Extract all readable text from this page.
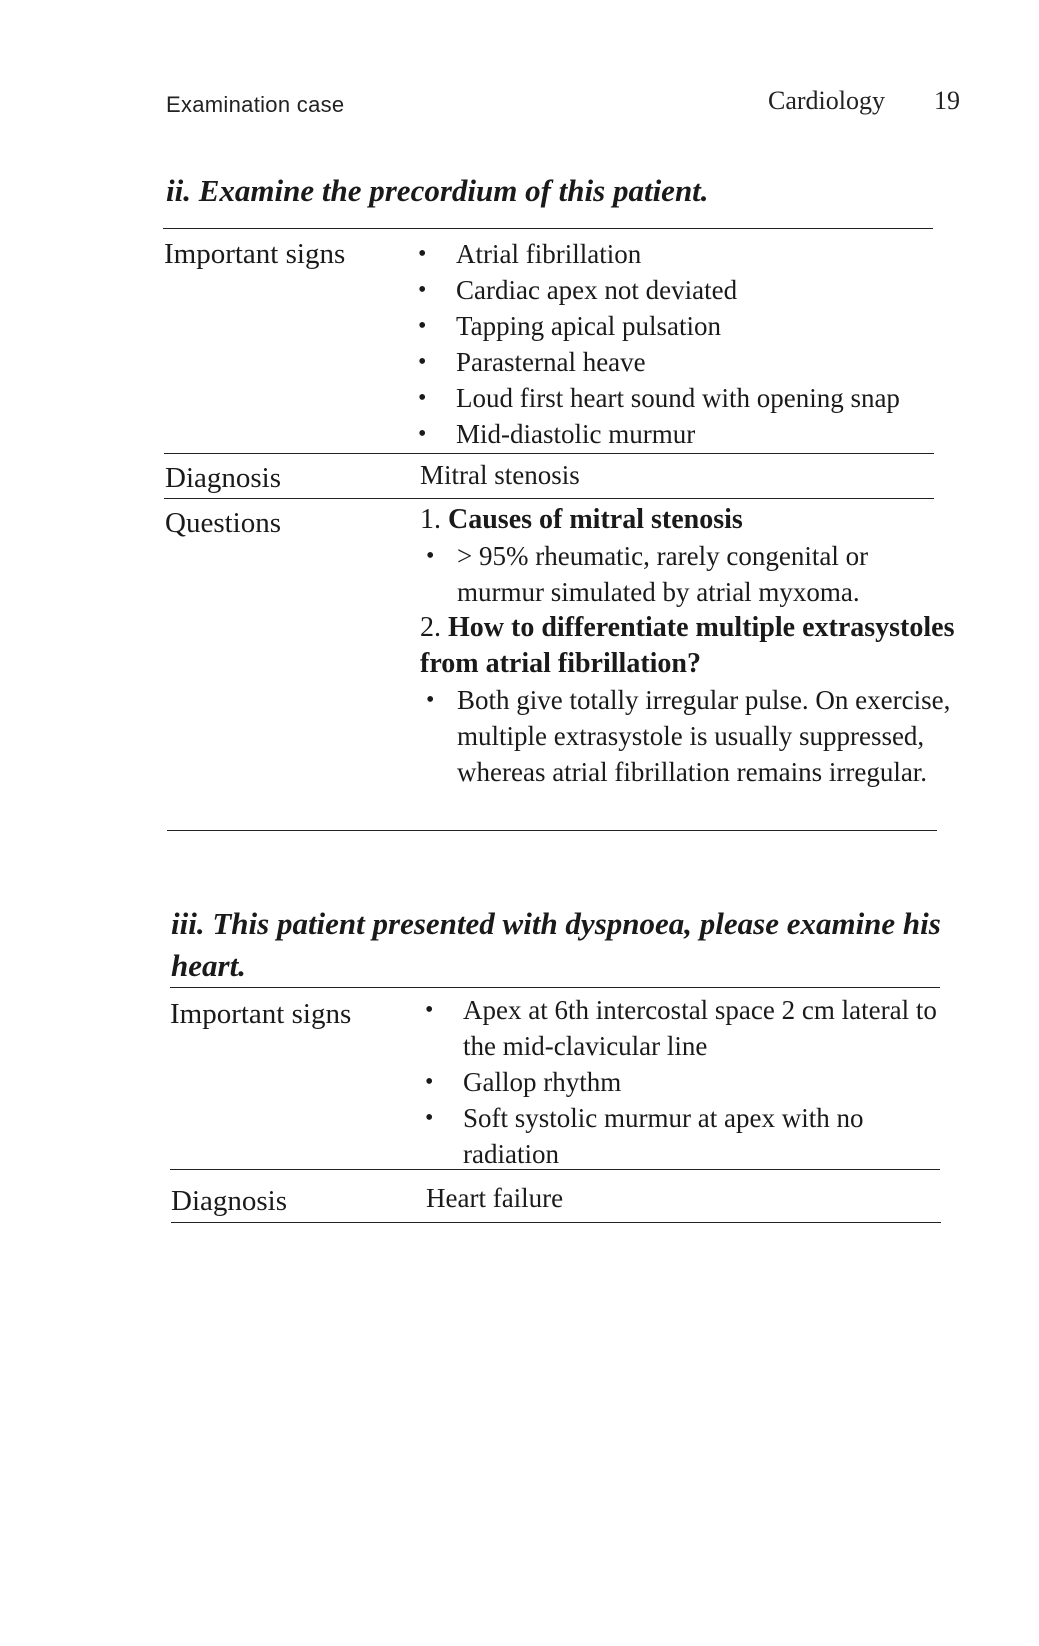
Examination case	Cardiology 19
ii. Examine the precordium of this patient.
Important signs	• Atrial fibrillation
• Cardiac apex not deviated
• Tapping apical pulsation
• Parasternal heave
• Loud first heart sound with opening snap
• Mid-diastolic murmur
Diagnosis	Mitral stenosis
Questions	1. Causes of mitral stenosis
• > 95% rheumatic, rarely congenital or murmur simulated by atrial myxoma.
2. How to differentiate multiple extrasystoles from atrial fibrillation?
• Both give totally irregular pulse. On exercise, multiple extrasystole is usually suppressed, whereas atrial fibrillation remains irregular.
iii. This patient presented with dyspnoea, please examine his heart.
Important signs	• Apex at 6th intercostal space 2 cm lateral to the mid-clavicular line
• Gallop rhythm
• Soft systolic murmur at apex with no radiation
Diagnosis	Heart failure
